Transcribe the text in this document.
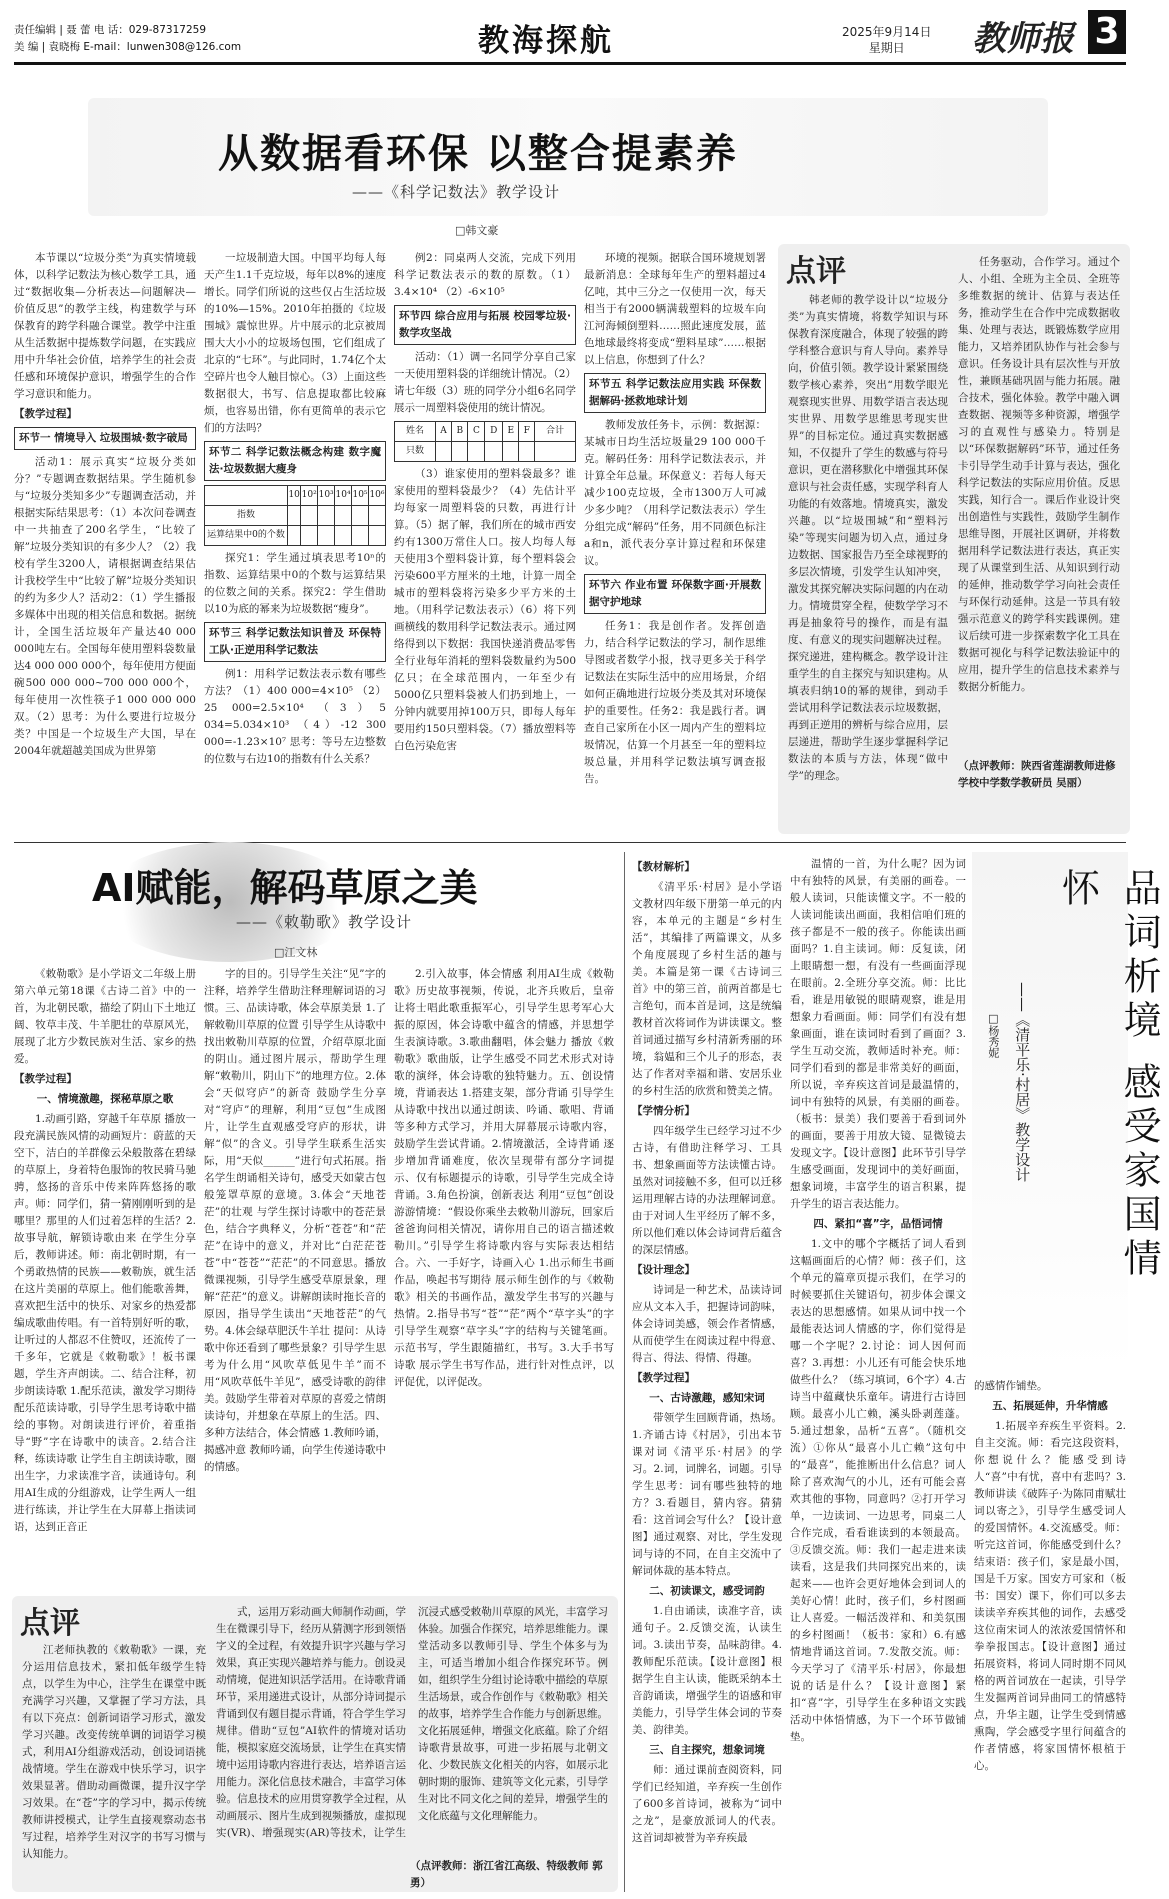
责任编辑 | 聂 蕾 电 话：029-87317259
美 编 | 袁晓梅 E-mail：lunwen308@126.com	教海探航	2025年9月14日
星期日	教师报 3
从数据看环保 以整合提素养
——《科学记数法》教学设计
□韩文豪

本节课以“垃圾分类”为真实情境载体，以科学记数法为核心数学工具，通过“数据收集—分析表达—问题解决—价值反思”的教学主线，构建数学与环保教育的跨学科融合课堂。教学中注重从生活数据中提炼数学问题，在实践应用中升华社会价值，培养学生的社会责任感和环境保护意识，增强学生的合作学习意识和能力。

【教学过程】

环节一 情境导入 垃圾围城·数字破局

活动1：展示真实“垃圾分类如分？”专题调查数据结果。学生随机参与“垃圾分类知多少”专题调查活动，并根据实际结果思考：（1）本次问卷调查中一共抽查了200名学生，“比较了解”垃圾分类知识的有多少人？（2）我校有学生3200人，请根据调查结果估计我校学生中“比较了解”垃圾分类知识的约为多少人？活动2：（1）学生播报多媒体中出现的相关信息和数据。据统计，全国生活垃圾年产量达40 000 000吨左右。全国每年使用塑料袋数量达4 000 000 000个，每年使用方便面碗500 000 000~700 000 000个，每年使用一次性筷子1 000 000 000双。（2）思考：为什么要进行垃圾分类？中国是一个垃圾生产大国，早在2004年就超越美国成为世界第

一垃圾制造大国。中国平均每人每天产生1.1千克垃圾，每年以8%的速度增长。同学们所说的这些仅占生活垃圾的10%—15%。2010年拍摄的《垃圾围城》震惊世界。片中展示的北京被周围大大小小的垃圾场包围，它们组成了北京的“七环”。与此同时，1.74亿个太空碎片也令人触目惊心。（3）上面这些数据很大，书写、信息提取都比较麻烦，也容易出错，你有更简单的表示它们的方法吗？

环节二 科学记数法概念构建 数字魔法·垃圾数据大瘦身
	10	10²	10³	10⁴	10⁵	10⁶
指数						
运算结果中0的个数						

探究1：学生通过填表思考10ⁿ的指数、运算结果中0的个数与运算结果的位数之间的关系。探究2：学生借助以10为底的幂来为垃圾数据“瘦身”。

环节三 科学记数法知识普及 环保特工队·正逆用科学记数法

例1：用科学记数法表示数有哪些方法？（1）400 000=4×10⁵ （2）25 000=2.5×10⁴ （3）5 034=5.034×10³ （4）-12 300 000=-1.23×10⁷ 思考：等号左边整数的位数与右边10的指数有什么关系？

例2：同桌两人交流，完成下列用科学记数法表示的数的原数。（1）3.4×10⁴ （2）-6×10⁵

环节四 综合应用与拓展 校园零垃圾·数学攻坚战

活动：（1）调一名同学分享自己家一天使用塑料袋的详细统计情况。（2）请七年级（3）班的同学分小组6名同学展示一周塑料袋使用的统计情况。

姓名	A	B	C	D	E	F	合计
只数							

（3）谁家使用的塑料袋最多？谁家使用的塑料袋最少？（4）先估计平均每家一周塑料袋的只数，再进行计算。（5）据了解，我们所在的城市西安约有1300万常住人口。按人均每人每天使用3个塑料袋计算，每个塑料袋会污染600平方厘米的土地，计算一周全城市的塑料袋将污染多少平方米的土地。（用科学记数法表示）（6）将下列画横线的数用科学记数法表示。通过网络得到以下数据：我国快递消费品零售全行业每年消耗的塑料袋数量约为500亿只；在全球范围内，一年至少有5000亿只塑料袋被人们扔到地上，一分钟内就要用掉100万只，即每人每年要用约150只塑料袋。（7）播放塑料等白色污染危害

环境的视频。据联合国环境规划署最新消息：全球每年生产的塑料超过4亿吨，其中三分之一仅使用一次，每天相当于有2000辆满载塑料的垃圾车向江河海倾倒塑料……照此速度发展，蓝色地球最终将变成“塑料星球”……根据以上信息，你想到了什么？

环节五 科学记数法应用实践 环保数据解码·拯救地球计划

教师发放任务卡，示例：数据源：某城市日均生活垃圾量29 100 000千克。解码任务：用科学记数法表示，并计算全年总量。环保意义：若每人每天减少100克垃圾，全市1300万人可减少多少吨？（用科学记数法表示）学生分组完成“解码”任务，用不同颜色标注a和n，派代表分享计算过程和环保建议。

环节六 作业布置 环保数字画·开展数据守护地球

任务1：我是创作者。发挥创造力，结合科学记数法的学习，制作思维导图或者数学小报，找寻更多关于科学记数法在实际生活中的应用场景，介绍如何正确地进行垃圾分类及其对环境保护的重要性。任务2：我是践行者。调查自己家所在小区一周内产生的塑料垃圾情况，估算一个月甚至一年的塑料垃圾总量，并用科学记数法填写调查报告。

点评

韩老师的教学设计以“垃圾分类”为真实情境，将数学知识与环保教育深度融合，体现了较强的跨学科整合意识与育人导向。素养导向，价值引领。教学设计紧紧围绕数学核心素养，突出“用数学眼光观察现实世界、用数学语言表达现实世界、用数学思维思考现实世界”的目标定位。通过真实数据感知，不仅提升了学生的数感与符号意识，更在潜移默化中增强其环保意识与社会责任感，实现学科育人功能的有效落地。情境真实，激发兴趣。以“垃圾围城”和“塑料污染”等现实问题为切入点，通过身边数据、国家报告乃至全球视野的多层次情境，引发学生认知冲突，激发其探究解决实际问题的内在动力。情境贯穿全程，使数学学习不再是抽象符号的操作，而是有温度、有意义的现实问题解决过程。探究递进，建构概念。教学设计注重学生的自主探究与知识建构。从填表归纳10的幂的规律，到动手尝试用科学记数法表示垃圾数据，再到正逆用的辨析与综合应用，层层递进，帮助学生逐步掌握科学记数法的本质与方法，体现“做中学”的理念。

任务驱动，合作学习。通过个人、小组、全班为主全员、全班等多维数据的统计、估算与表达任务，推动学生在合作中完成数据收集、处理与表达，既锻炼数学应用能力，又培养团队协作与社会参与意识。任务设计具有层次性与开放性，兼顾基础巩固与能力拓展。融合技术，强化体验。教学中融入调查数据、视频等多种资源，增强学习的直观性与感染力。特别是以“环保数据解码”环节，通过任务卡引导学生动手计算与表达，强化科学记数法的实际应用价值。反思实践，知行合一。课后作业设计突出创造性与实践性，鼓励学生制作思维导图，开展社区调研，并将数据用科学记数法进行表达，真正实现了从课堂到生活、从知识到行动的延伸，推动数学学习向社会责任与环保行动延伸。这是一节具有较强示范意义的跨学科实践课例。建议后续可进一步探索数字化工具在数据可视化与科学记数法验证中的应用，提升学生的信息技术素养与数据分析能力。

（点评教师：陕西省莲湖教师进修学校中学数学教研员 吴丽）
AI赋能，解码草原之美
——《敕勒歌》教学设计
□江文林

《敕勒歌》是小学语文二年级上册第六单元第18课《古诗二首》中的一首，为北朝民歌，描绘了阴山下土地辽阔、牧草丰茂、牛羊肥壮的草原风光，展现了北方少数民族对生活、家乡的热爱。

【教学过程】

一、情境激趣，探秘草原之歌

1.动画引路，穿越千年草原 播放一段充满民族风情的动画短片：蔚蓝的天空下，洁白的羊群像云朵般散落在碧绿的草原上，身着特色服饰的牧民骑马驰骋，悠扬的音乐中传来阵阵悠扬的歌声。师：同学们，猜一猜刚刚听到的是哪里？那里的人们过着怎样的生活？2.故事导航，解锁诗歌由来 在学生分享后，教师讲述。师：南北朝时期，有一个勇敢热情的民族——敕勒族，就生活在这片美丽的草原上。他们能歌善舞，喜欢把生活中的快乐、对家乡的热爱都编成歌曲传唱。有一首特别好听的歌，让听过的人都忍不住赞叹，还流传了一千多年，它就是《敕勒歌》！板书课题，学生齐声朗读。二、结合注释，初步朗读诗歌 1.配乐范读，激发学习期待 配乐范读诗歌，引导学生思考诗歌中描绘的事物。对朗读进行评价，着重指导“野”字在诗歌中的读音。2.结合注释，练读诗歌 让学生自主朗读诗歌，圈出生字，力求读准字音，读通诗句。利用AI生成的分组游戏，让学生两人一组进行练读，并让学生在大屏幕上指读词语，达到正音正

字的目的。引导学生关注“见”字的注释，培养学生借助注释理解词语的习惯。三、品读诗歌，体会草原美景 1.了解敕勒川草原的位置 引导学生从诗歌中找出敕勒川草原的位置，介绍草原北面的阴山。通过图片展示，帮助学生理解“敕勒川，阴山下”的地理方位。2.体会“天似穹庐”的新奇 鼓励学生分享对“穹庐”的理解，利用“豆包”生成图片，让学生直观感受穹庐的形状，讲解“似”的含义。引导学生联系生活实际，用“天似______”进行句式拓展。指名学生朗诵相关诗句，感受天如蒙古包般笼罩草原的意境。3.体会“天地苍茫”的壮观 与学生探讨诗歌中的苍茫景色，结合字典释义，分析“苍苍”和“茫茫”在诗中的意义，并对比“白茫茫苍苍”中“苍苍”“茫茫”的不同意思。播放微课视频，引导学生感受草原景象，理解“茫茫”的意义。讲解朗读时拖长音的原因，指导学生读出“天地苍茫”的气势。4.体会绿草肥沃牛羊壮 提问：从诗歌中你还看到了哪些景象？引导学生思考为什么用“风吹草低见牛羊”而不用“风吹草低牛羊见”，感受诗歌的韵律美。鼓励学生带着对草原的喜爱之情朗读诗句，并想象在草原上的生活。四、多种方法结合，体会情感 1.教师吟诵，揭感冲意 教师吟诵，向学生传递诗歌中的情感。

2.引入故事，体会情感 利用AI生成《敕勒歌》历史故事视频，传说，北齐兵败后，皇帝让将士唱此歌重振军心，引导学生思考军心大振的原因，体会诗歌中蕴含的情感，并思想学生表演诗歌。3.歌曲翻唱，体会魅力 播放《敕勒歌》歌曲版，让学生感受不同艺术形式对诗歌的演绎，体会诗歌的独特魅力。五、创设情境，背诵表达 1.搭建支架，部分背诵 引导学生从诗歌中找出以通过朗读、吟诵、歌唱、背诵等多种方式学习，并用大屏幕展示诗歌内容，鼓励学生尝试背诵。2.情境激活，全诗背诵 逐步增加背诵难度，依次呈现带有部分字词提示、仅有标题提示的诗歌，引导学生完成全诗背诵。3.角色扮演，创新表达 利用“豆包”创设游游情境：“假设你乘坐去敕勒川游玩，回家后爸爸询问相关情况，请你用自己的语言描述敕勒川。”引导学生将诗歌内容与实际表达相结合。六、一手好字，诗画入心 1.出示师生书画作品，唤起书写期待 展示师生创作的与《敕勒歌》相关的书画作品，激发学生书写的兴趣与热情。2.指导书写“苍”“茫”两个“草字头”的字 引导学生观察“草字头”字的结构与关键笔画。示范书写，学生跟随描红，书写。3.大手书写诗歌 展示学生书写作品，进行针对性点评，以评促优，以评促改。

点评

江老师执教的《敕勒歌》一课，充分运用信息技术，紧扣低年级学生特点，以学生为中心，注学生在课堂中既充满学习兴趣，又掌握了学习方法，具有以下亮点：创新词语学习形式，激发学习兴趣。改变传统单调的词语学习模式，利用AI分组游戏活动，创设词语挑战情境。学生在游戏中快乐学习，识字效果显著。借助动画微课，提升汉字学习效果。在“苍”字的学习中，揭示传统教师讲授模式，让学生直接观察动态书写过程，培养学生对汉字的书写习惯与认知能力。

式，运用万彩动画大师制作动画，学生在微课引导下，经历从猜测字形到领悟字义的全过程，有效提升识字兴趣与学习效果，真正实现兴趣培养与能力。创设灵动情境，促进知识活学活用。在诗歌背诵环节，采用递进式设计，从部分诗词提示背诵到仅有题目提示背诵，符合学生学习规律。借助“豆包”AI软件的情境对话功能，模拟家庭交流场景，让学生在真实情境中运用诗歌内容进行表达，培养语言运用能力。深化信息技术融合，丰富学习体验。信息技术的应用贯穿教学全过程，从动画展示、图片生成到视频播放，虚拟现实(VR)、增强现实(AR)等技术，让学生沉浸式感受敕勒川草原的风光，丰富学习体验。加强合作探究，培养思维能力。课堂活动多以教师引导、学生个体多与为主，可适当增加小组合作探究环节。例如，组织学生分组讨论诗歌中描绘的草原生活场景，或合作创作与《敕勒歌》相关的故事，培养学生合作能力与创新思维。文化拓展延伸，增强文化底蕴。除了介绍诗歌背景故事，可进一步拓展与北朝文化、少数民族文化相关的内容，如展示北朝时期的服饰、建筑等文化元素，引导学生对比不同文化之间的差异，增强学生的文化底蕴与文化理解能力。

（点评教师：浙江省江高级、特级教师 郭勇）

【教材解析】

《清平乐·村居》是小学语文教材四年级下册第一单元的内容，本单元的主题是“乡村生活”，其编排了两篇课文，从多个角度展现了乡村生活的趣与美。本篇是第一课《古诗词三首》中的第三首，前两首都是七言绝句，而本首是词，这是统编教材首次将词作为讲读课文。整首词通过描写乡村清新秀丽的环境，翁媪和三个儿子的形态，表达了作者对幸福和谐、安居乐业的乡村生活的欣赏和赞美之情。

【学情分析】

四年级学生已经学习过不少古诗，有借助注释学习、工具书、想象画面等方法读懂古诗。虽然对词接触不多，但可以迁移运用理解古诗的办法理解词意。由于对词人生平经历了解不多，所以他们难以体会诗词背后蕴含的深层情感。

【设计理念】

诗词是一种艺术，品读诗词应从文本入手，把握诗词韵味，体会诗词美感，领会作者情感，从而使学生在阅读过程中得意、得言、得法、得情、得趣。

【教学过程】

一、古诗激趣，感知宋词

带领学生回顾背诵，热场。1.齐诵古诗《村居》，引出本节课对词《清平乐·村居》的学习。2.词，词牌名，词题。引导学生思考：词有哪些独特的地方？3.看题目，猜内容。猜猜看：这首词会写什么？【设计意图】通过观察、对比，学生发现词与诗的不同，在自主交流中了解词体裁的基本特点。

二、初读课文，感受词韵

1.自由诵读，读准字音，读通句子。2.反馈交流，认读生词。3.读出节奏，品味韵律。4.教师配乐范读。【设计意图】根据学生自主认读，能既采纳本土音韵诵读，增强学生的语感和审美能力，引导学生体会词的节奏美、韵律美。

三、自主探究，想象词境

师：通过课前查阅资料，同学们已经知道，辛弃疾一生创作了600多首诗词，被称为“词中之龙”，是豪放派词人的代表。这首词却被誉为辛弃疾最

温情的一首，为什么呢？因为词中有独特的风景，有美丽的画卷。一般人读词，只能读懂文字。不一般的人读词能读出画面，我相信咱们班的孩子都是不一般的孩子。你能读出画面吗？1.自主读词。师：反复读，闭上眼睛想一想，有没有一些画面浮现在眼前。2.全班分享交流。师：比比看，谁是用敏锐的眼睛观察，谁是用想象力看画面。师：同学们有没有想象画面，谁在读词时看到了画面？3.学生互动交流，教师适时补充。师：同学们看到的都是非常美好的画面，所以说，辛弃疾这首词是最温情的，词中有独特的风景，有美丽的画卷。（板书：景美）我们要善于看到词外的画面，要善于用放大镜、显微镜去发现文字。【设计意图】此环节引导学生感受画面，发现词中的美好画面，想象词境，丰富学生的语言积累，提升学生的语言表达能力。

四、紧扣“喜”字，品悟词情

1.文中的哪个字概括了词人看到这幅画面后的心情？师：孩子们，这个单元的篇章页提示我们，在学习的时候要抓住关键语句，初步体会课文表达的思想感情。如果从词中找一个最能表达词人情感的字，你们觉得是哪一个字呢？2.讨论：词人因何而喜？3.再想：小儿还有可能会快乐地做些什么？（练习填词，6个字）4.古诗当中蕴藏快乐童年。请进行古诗回顾。最喜小儿亡赖，溪头卧剥莲蓬。5.通过想象，品析“五喜”。（随机交流）①你从“最喜小儿亡赖”这句中的“最喜”，能推断出什么信息？词人除了喜欢淘气的小儿，还有可能会喜欢其他的事物，同意吗？②打开学习单，一边读词、一边思考，同桌二人合作完成，看看谁读到的本领最高。③反馈交流。师：我们一起走进来读读看，这是我们共同探究出来的，读起来——也许会更好地体会到词人的美好心情！此时，孩子们，乡村图画让人喜爱。一幅活泼祥和、和美氛围的乡村图画！（板书：家和）6.有感情地背诵这首词。7.发散交流。师：今天学习了《清平乐·村居》，你最想说的话是什么？【设计意图】紧扣“喜”字，引导学生在多种语文实践活动中体悟情感，为下一个环节做铺垫。

品词析境 感受家国情怀
——《清平乐·村居》教学设计
□杨秀妮

的感情作铺垫。

五、拓展延伸，升华情感

1.拓展辛弃疾生平资料。2.自主交流。师：看完这段资料，你想说什么？能感受到诗人“喜”中有忧，喜中有悲吗？3.教师讲读《破阵子·为陈同甫赋壮词以寄之》，引导学生感受词人的爱国情怀。4.交流感受。师：听完这首词，你能感受到什么？结束语：孩子们，家是最小国，国是千万家。国安方可家和（板书：国安）课下，你们可以多去读读辛弃疾其他的词作，去感受这位南宋词人的浓浓爱国情怀和拳拳报国志。【设计意图】通过拓展资料，将词人同时期不同风格的两首词放在一起读，引导学生发掘两首词异曲同工的情感特点，升华主题，让学生受到情感熏陶，学会感受字里行间蕴含的作者情感，将家国情怀根植于心。
